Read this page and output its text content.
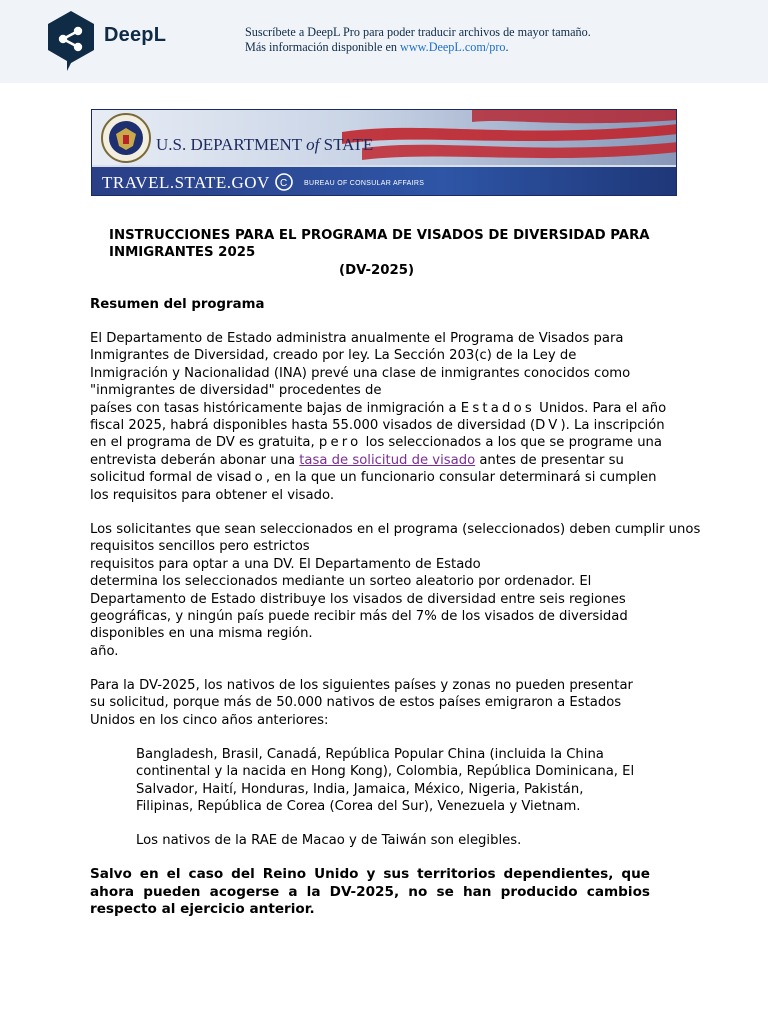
DeepL	Suscríbete a DeepL Pro para poder traducir archivos de mayor tamaño.
Más información disponible en www.DeepL.com/pro.
U.S. DEPARTMENT of STATE
TRAVEL.STATE.GOV C BUREAU OF CONSULAR AFFAIRS
INSTRUCCIONES PARA EL PROGRAMA DE VISADOS DE DIVERSIDAD PARA INMIGRANTES 2025
(DV-2025)
Resumen del programa
El Departamento de Estado administra anualmente el Programa de Visados para
Inmigrantes de Diversidad, creado por ley. La Sección 203(c) de la Ley de
Inmigración y Nacionalidad (INA) prevé una clase de inmigrantes conocidos como
"inmigrantes de diversidad" procedentes de
países con tasas históricamente bajas de inmigración a Estados Unidos. Para el año
fiscal 2025, habrá disponibles hasta 55.000 visados de diversidad (DV). La inscripción
en el programa de DV es gratuita, pero los seleccionados a los que se programe una
entrevista deberán abonar una tasa de solicitud de visado antes de presentar su
solicitud formal de visado, en la que un funcionario consular determinará si cumplen
los requisitos para obtener el visado.
Los solicitantes que sean seleccionados en el programa (seleccionados) deben cumplir unos
requisitos sencillos pero estrictos
requisitos para optar a una DV. El Departamento de Estado
determina los seleccionados mediante un sorteo aleatorio por ordenador. El
Departamento de Estado distribuye los visados de diversidad entre seis regiones
geográficas, y ningún país puede recibir más del 7% de los visados de diversidad
disponibles en una misma región.
año.
Para la DV-2025, los nativos de los siguientes países y zonas no pueden presentar
su solicitud, porque más de 50.000 nativos de estos países emigraron a Estados
Unidos en los cinco años anteriores:
Bangladesh, Brasil, Canadá, República Popular China (incluida la China
continental y la nacida en Hong Kong), Colombia, República Dominicana, El
Salvador, Haití, Honduras, India, Jamaica, México, Nigeria, Pakistán,
Filipinas, República de Corea (Corea del Sur), Venezuela y Vietnam.
Los nativos de la RAE de Macao y de Taiwán son elegibles.
Salvo en el caso del Reino Unido y sus territorios dependientes, que ahora pueden acogerse a la DV-2025, no se han producido cambios respecto al ejercicio anterior.
